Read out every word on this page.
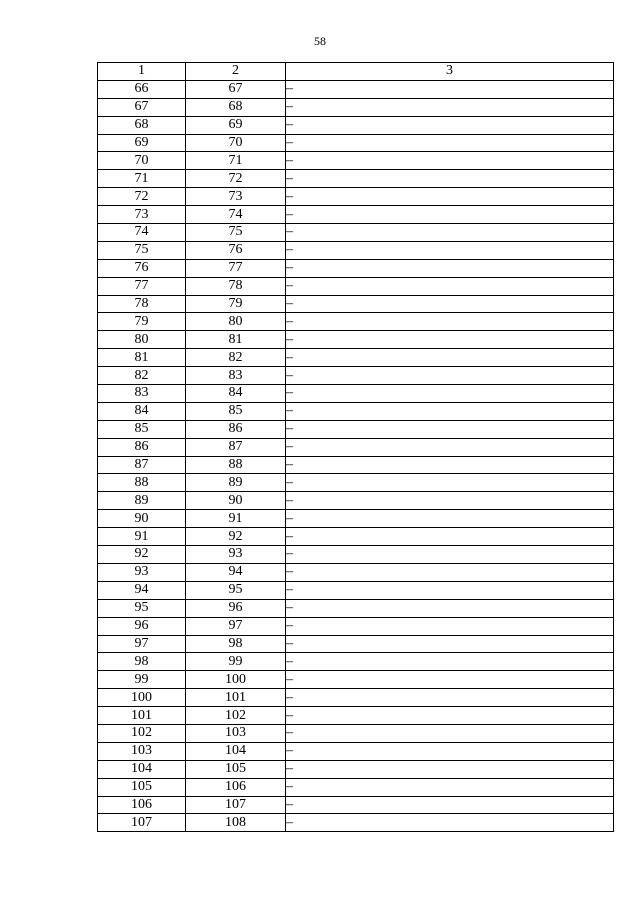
58
1	2	3
66	67	–
67	68	–
68	69	–
69	70	–
70	71	–
71	72	–
72	73	–
73	74	–
74	75	–
75	76	–
76	77	–
77	78	–
78	79	–
79	80	–
80	81	–
81	82	–
82	83	–
83	84	–
84	85	–
85	86	–
86	87	–
87	88	–
88	89	–
89	90	–
90	91	–
91	92	–
92	93	–
93	94	–
94	95	–
95	96	–
96	97	–
97	98	–
98	99	–
99	100	–
100	101	–
101	102	–
102	103	–
103	104	–
104	105	–
105	106	–
106	107	–
107	108	–
